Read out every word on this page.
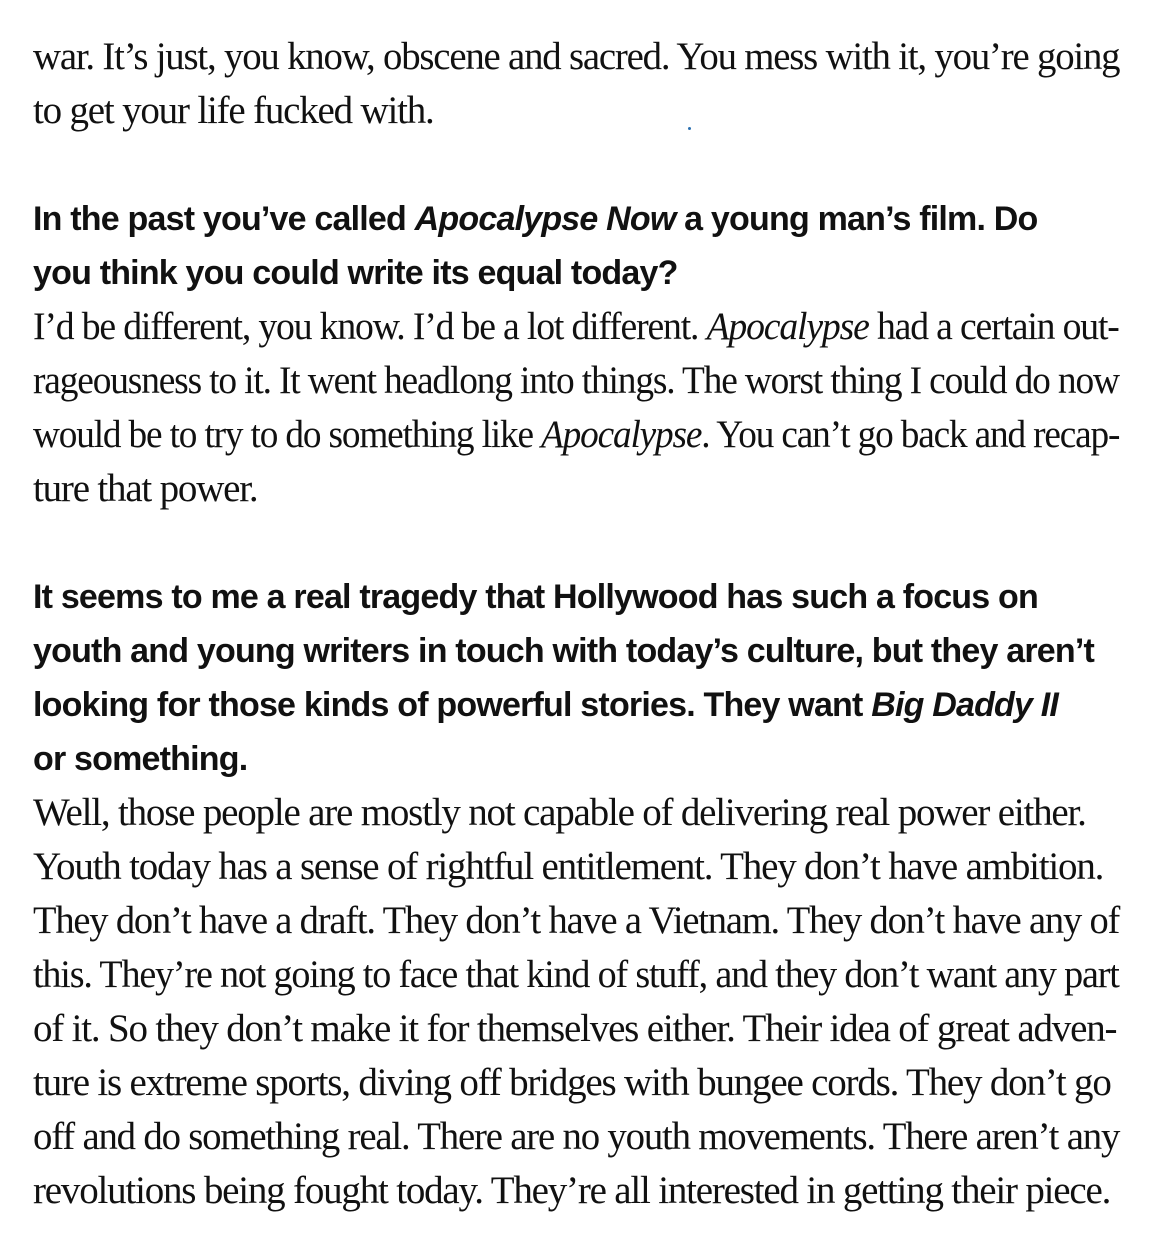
war. It’s just, you know, obscene and sacred. You mess with it, you’re going
to get your life fucked with.
In the past you’ve called Apocalypse Now a young man’s film. Do
you think you could write its equal today?
I’d be different, you know. I’d be a lot different. Apocalypse had a certain out-
rageousness to it. It went headlong into things. The worst thing I could do now
would be to try to do something like Apocalypse. You can’t go back and recap-
ture that power.
It seems to me a real tragedy that Hollywood has such a focus on
youth and young writers in touch with today’s culture, but they aren’t
looking for those kinds of powerful stories. They want Big Daddy II
or something.
Well, those people are mostly not capable of delivering real power either.
Youth today has a sense of rightful entitlement. They don’t have ambition.
They don’t have a draft. They don’t have a Vietnam. They don’t have any of
this. They’re not going to face that kind of stuff, and they don’t want any part
of it. So they don’t make it for themselves either. Their idea of great adven-
ture is extreme sports, diving off bridges with bungee cords. They don’t go
off and do something real. There are no youth movements. There aren’t any
revolutions being fought today. They’re all interested in getting their piece.
